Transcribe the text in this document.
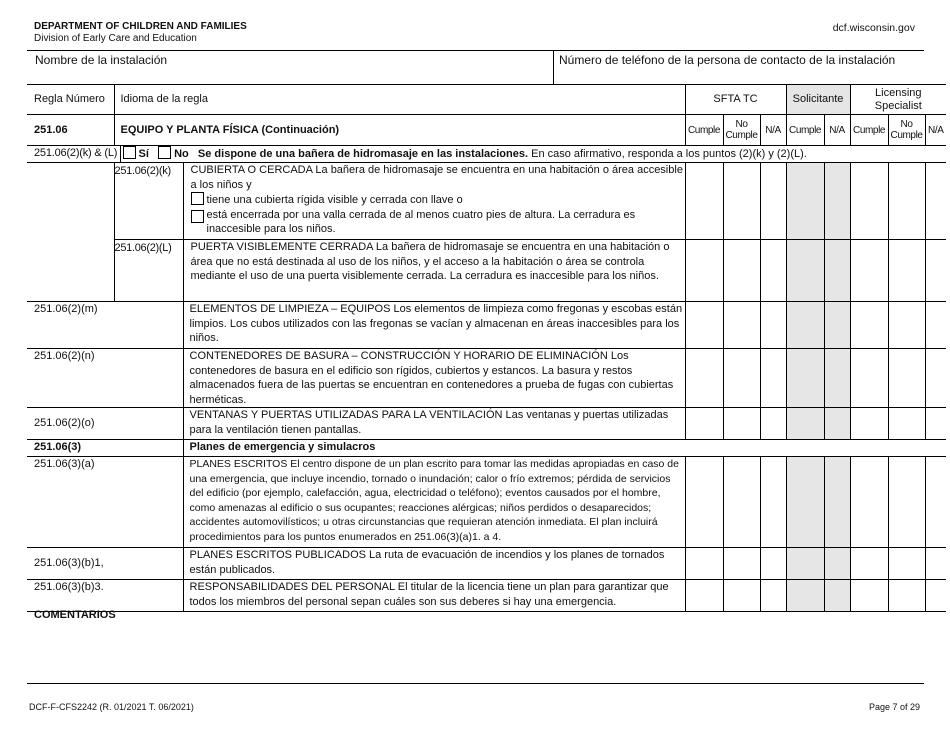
DEPARTMENT OF CHILDREN AND FAMILIES
Division of Early Care and Education
dcf.wisconsin.gov
Nombre de la instalación	Número de teléfono de la persona de contacto de la instalación
Regla Número	Idioma de la regla			SFTA TC			Solicitante		Licensing Specialist		
251.06	EQUIPO Y PLANTA FÍSICA (Continuación)			Cumple	No Cumple	N/A	Cumple	N/A	Cumple	No Cumple	N/A
251.06(2)(k) & (L)		Sí No Se dispone de una bañera de hidromasaje en las instalaciones. En caso afirmativo, responda a los puntos (2)(k) y (2)(L).									
	251.06(2)(k)		CUBIERTA O CERCADA La bañera de hidromasaje se encuentra en una habitación o área accesible a los niños y
tiene una cubierta rígida visible y cerrada con llave o

está encerrada por una valla cerrada de al menos cuatro pies de altura. La cerradura es inaccesible para los niños.								

	251.06(2)(L)		PUERTA VISIBLEMENTE CERRADA La bañera de hidromasaje se encuentra en una habitación o área que no está destinada al uso de los niños, y el acceso a la habitación o área se controla mediante el uso de una puerta visiblemente cerrada. La cerradura es inaccesible para los niños.								
251.06(2)(m)			ELEMENTOS DE LIMPIEZA – EQUIPOS Los elementos de limpieza como fregonas y escobas están limpios. Los cubos utilizados con las fregonas se vacían y almacenan en áreas inaccesibles para los niños.								
251.06(2)(n)			CONTENEDORES DE BASURA – CONSTRUCCIÓN Y HORARIO DE ELIMINACIÓN Los contenedores de basura en el edificio son rígidos, cubiertos y estancos. La basura y restos almacenados fuera de las puertas se encuentran en contenedores a prueba de fugas con cubiertas herméticas.								
251.06(2)(o)			VENTANAS Y PUERTAS UTILIZADAS PARA LA VENTILACIÓN Las ventanas y puertas utilizadas para la ventilación tienen pantallas.								
251.06(3)			Planes de emergencia y simulacros								
251.06(3)(a)			PLANES ESCRITOS El centro dispone de un plan escrito para tomar las medidas apropiadas en caso de una emergencia, que incluye incendio, tornado o inundación; calor o frío extremos; pérdida de servicios del edificio (por ejemplo, calefacción, agua, electricidad o teléfono); eventos causados por el hombre, como amenazas al edificio o sus ocupantes; reacciones alérgicas; niños perdidos o desaparecidos; accidentes automovilísticos; u otras circunstancias que requieran atención inmediata. El plan incluirá procedimientos para los puntos enumerados en 251.06(3)(a)1. a 4.								
251.06(3)(b)1,			PLANES ESCRITOS PUBLICADOS La ruta de evacuación de incendios y los planes de tornados están publicados.								
251.06(3)(b)3.			RESPONSABILIDADES DEL PERSONAL El titular de la licencia tiene un plan para garantizar que todos los miembros del personal sepan cuáles son sus deberes si hay una emergencia.								
COMENTARIOS
DCF-F-CFS2242 (R. 01/2021 T. 06/2021)	Page 7 of 29
